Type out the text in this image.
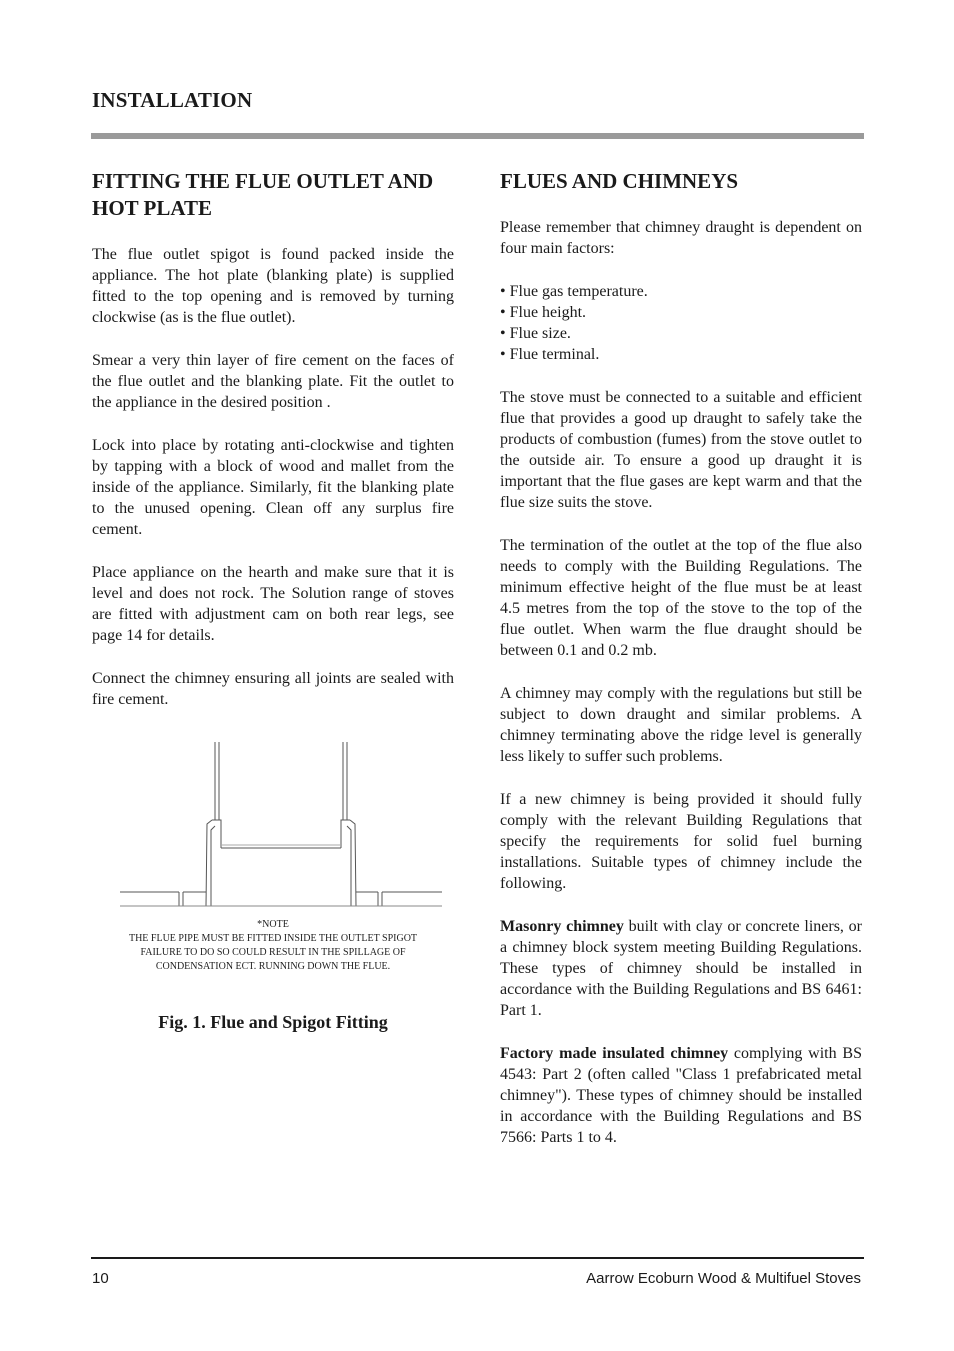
INSTALLATION
FITTING THE FLUE OUTLET AND HOT PLATE

The flue outlet spigot is found packed inside the appliance. The hot plate (blanking plate) is supplied fitted to the top opening and is removed by turning clockwise (as is the flue outlet).

Smear a very thin layer of fire cement on the faces of the flue outlet and the blanking plate. Fit the outlet to the appliance in the desired position .

Lock into place by rotating anti-clockwise and tighten by tapping with a block of wood and mallet from the inside of the appliance. Similarly, fit the blanking plate to the unused opening. Clean off any surplus fire cement.

Place appliance on the hearth and make sure that it is level and does not rock. The Solution range of stoves are fitted with adjustment cam on both rear legs, see page 14 for details.

Connect the chimney ensuring all joints are sealed with fire cement.

*NOTE
THE FLUE PIPE MUST BE FITTED INSIDE THE OUTLET SPIGOT
FAILURE TO DO SO COULD RESULT IN THE SPILLAGE OF
CONDENSATION ECT. RUNNING DOWN THE FLUE.
Fig. 1. Flue and Spigot Fitting
FLUES AND CHIMNEYS

Please remember that chimney draught is dependent on four main factors:

• Flue gas temperature.
• Flue height.
• Flue size.
• Flue terminal.

The stove must be connected to a suitable and efficient flue that provides a good up draught to safely take the products of combustion (fumes) from the stove outlet to the outside air. To ensure a good up draught it is important that the flue gases are kept warm and that the flue size suits the stove.

The termination of the outlet at the top of the flue also needs to comply with the Building Regulations. The minimum effective height of the flue must be at least 4.5 metres from the top of the stove to the top of the flue outlet. When warm the flue draught should be between 0.1 and 0.2 mb.

A chimney may comply with the regulations but still be subject to down draught and similar problems. A chimney terminating above the ridge level is generally less likely to suffer such problems.

If a new chimney is being provided it should fully comply with the relevant Building Regulations that specify the requirements for solid fuel burning installations. Suitable types of chimney include the following.

Masonry chimney built with clay or concrete liners, or a chimney block system meeting Building Regulations. These types of chimney should be installed in accordance with the Building Regulations and BS 6461: Part 1.

Factory made insulated chimney complying with BS 4543: Part 2 (often called "Class 1 prefabricated metal chimney"). These types of chimney should be installed in accordance with the Building Regulations and BS 7566: Parts 1 to 4.

10	Aarrow Ecoburn Wood & Multifuel Stoves
